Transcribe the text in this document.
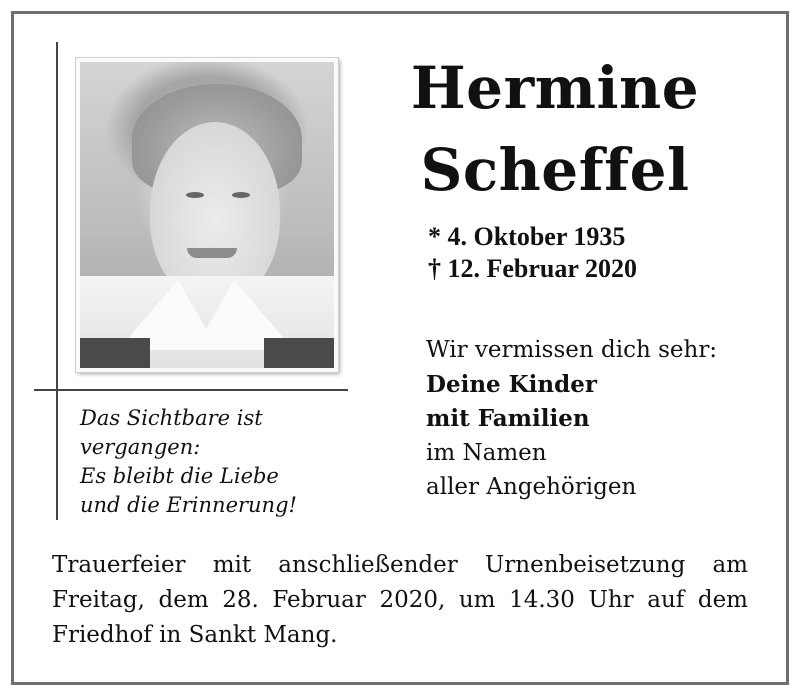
Hermine
Scheffel
* 4. Oktober 1935
† 12. Februar 2020
Wir vermissen dich sehr:
Deine Kinder
mit Familien
im Namen
aller Angehörigen
Das Sichtbare ist
vergangen:
Es bleibt die Liebe
und die Erinnerung!
Trauerfeier mit anschließender Urnenbeisetzung am Freitag, dem 28. Februar 2020, um 14.30 Uhr auf dem Friedhof in Sankt Mang.
